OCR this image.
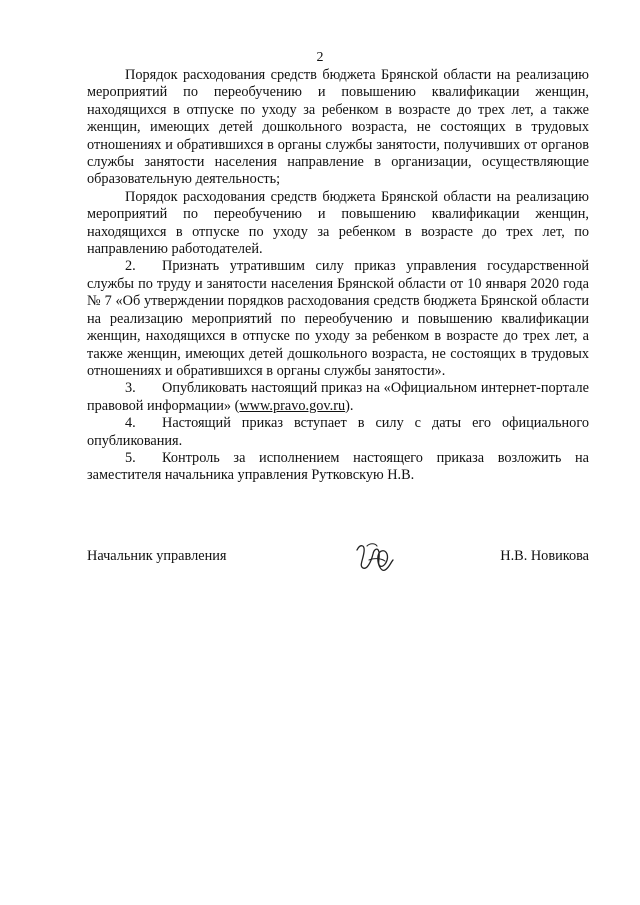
2

Порядок расходования средств бюджета Брянской области на реализацию мероприятий по переобучению и повышению квалификации женщин, находящихся в отпуске по уходу за ребенком в возрасте до трех лет, а также женщин, имеющих детей дошкольного возраста, не состоящих в трудовых отношениях и обратившихся в органы службы занятости, получивших от органов службы занятости населения направление в организации, осуществляющие образовательную деятельность;

Порядок расходования средств бюджета Брянской области на реализацию мероприятий по переобучению и повышению квалификации женщин, находящихся в отпуске по уходу за ребенком в возрасте до трех лет, по направлению работодателей.

2. Признать утратившим силу приказ управления государственной службы по труду и занятости населения Брянской области от 10 января 2020 года № 7 «Об утверждении порядков расходования средств бюджета Брянской области на реализацию мероприятий по переобучению и повышению квалификации женщин, находящихся в отпуске по уходу за ребенком в возрасте до трех лет, а также женщин, имеющих детей дошкольного возраста, не состоящих в трудовых отношениях и обратившихся в органы службы занятости».

3. Опубликовать настоящий приказ на «Официальном интернет-портале правовой информации» (www.pravo.gov.ru).

4. Настоящий приказ вступает в силу с даты его официального опубликования.

5. Контроль за исполнением настоящего приказа возложить на заместителя начальника управления Рутковскую Н.В.

Начальник управления	Н.В. Новикова
